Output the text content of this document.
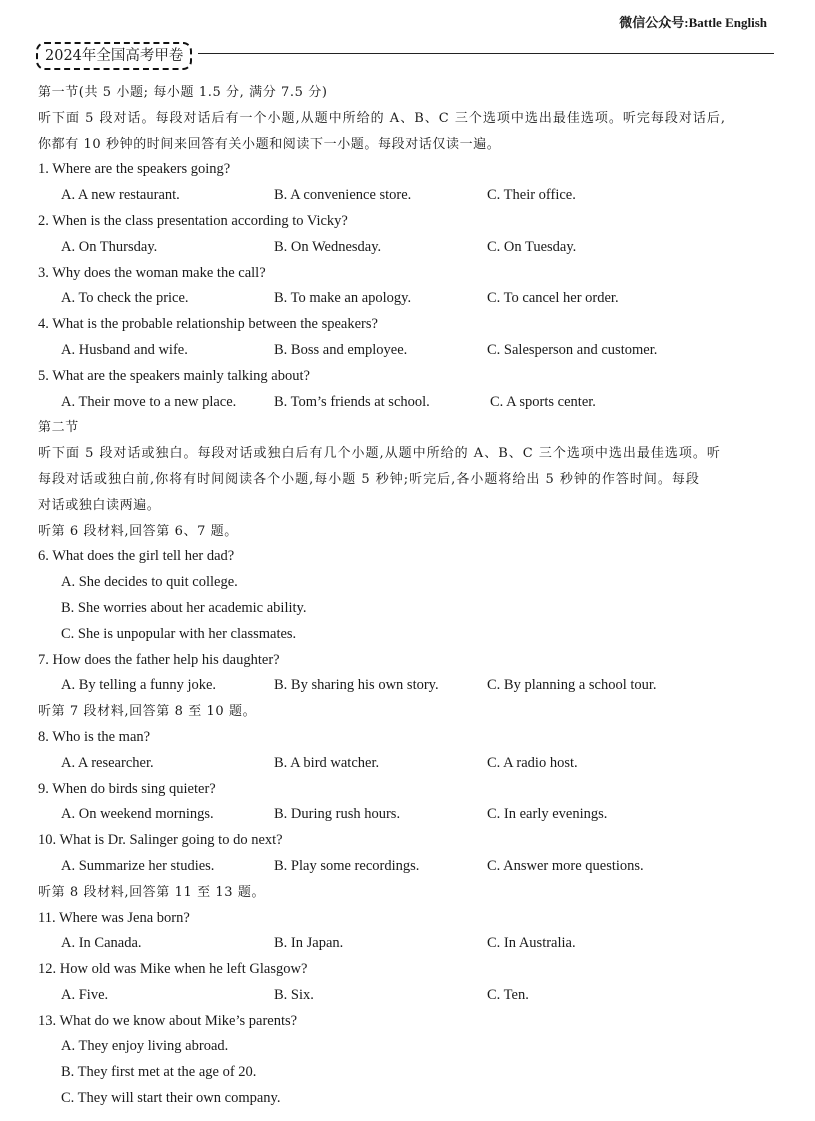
微信公众号:Battle English
2024年全国高考甲卷
第一节(共 5 小题; 每小题 1.5 分, 满分 7.5 分)
听下面 5 段对话。每段对话后有一个小题,从题中所给的 A、B、C 三个选项中选出最佳选项。听完每段对话后,
你都有 10 秒钟的时间来回答有关小题和阅读下一小题。每段对话仅读一遍。
1. Where are the speakers going?
A. A new restaurant.	B. A convenience store.	C. Their office.
2. When is the class presentation according to Vicky?
A. On Thursday.	B. On Wednesday.	C. On Tuesday.
3. Why does the woman make the call?
A. To check the price.	B. To make an apology.	C. To cancel her order.
4. What is the probable relationship between the speakers?
A. Husband and wife.	B. Boss and employee.	C. Salesperson and customer.
5. What are the speakers mainly talking about?
A. Their move to a new place.	B. Tom’s friends at school.	C. A sports center.
第二节
听下面 5 段对话或独白。每段对话或独白后有几个小题,从题中所给的 A、B、C 三个选项中选出最佳选项。听
每段对话或独白前,你将有时间阅读各个小题,每小题 5 秒钟;听完后,各小题将给出 5 秒钟的作答时间。每段
对话或独白读两遍。
听第 6 段材料,回答第 6、7 题。
6. What does the girl tell her dad?
A. She decides to quit college.
B. She worries about her academic ability.
C. She is unpopular with her classmates.
7. How does the father help his daughter?
A. By telling a funny joke.	B. By sharing his own story.	C. By planning a school tour.
听第 7 段材料,回答第 8 至 10 题。
8. Who is the man?
A. A researcher.	B. A bird watcher.	C. A radio host.
9. When do birds sing quieter?
A. On weekend mornings.	B. During rush hours.	C. In early evenings.
10. What is Dr. Salinger going to do next?
A. Summarize her studies.	B. Play some recordings.	C. Answer more questions.
听第 8 段材料,回答第 11 至 13 题。
11. Where was Jena born?
A. In Canada.	B. In Japan.	C. In Australia.
12. How old was Mike when he left Glasgow?
A. Five.	B. Six.	C. Ten.
13. What do we know about Mike’s parents?
A. They enjoy living abroad.
B. They first met at the age of 20.
C. They will start their own company.
